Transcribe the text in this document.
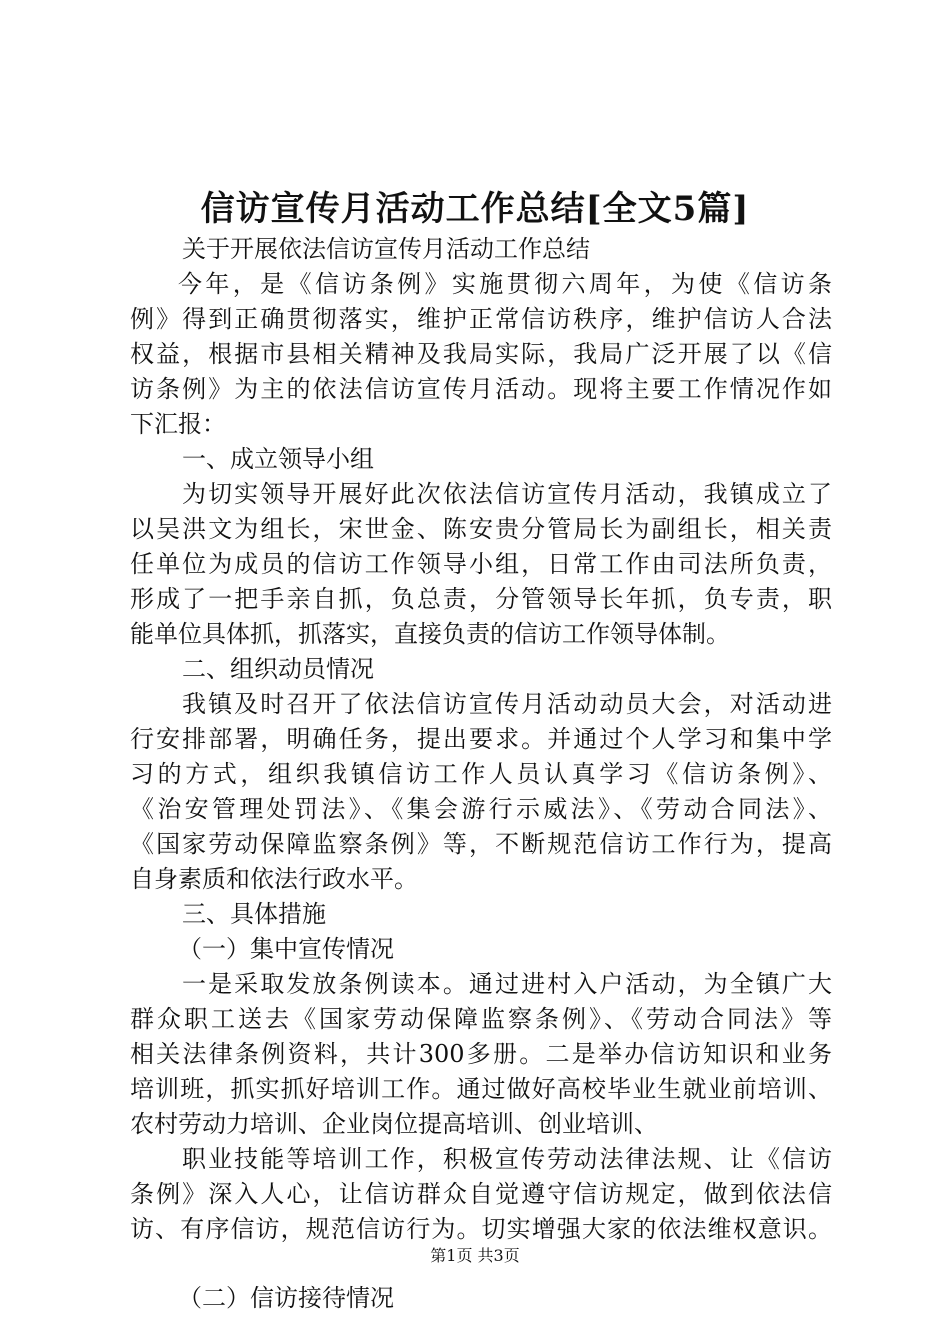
信访宣传月活动工作总结[全文5篇]

关于开展依法信访宣传月活动工作总结

今年，是《信访条例》实施贯彻六周年，为使《信访条

例》得到正确贯彻落实，维护正常信访秩序，维护信访人合法

权益，根据市县相关精神及我局实际，我局广泛开展了以《信

访条例》为主的依法信访宣传月活动。现将主要工作情况作如

下汇报：

一、成立领导小组

为切实领导开展好此次依法信访宣传月活动，我镇成立了

以吴洪文为组长，宋世金、陈安贵分管局长为副组长，相关责

任单位为成员的信访工作领导小组，日常工作由司法所负责，

形成了一把手亲自抓，负总责，分管领导长年抓，负专责，职

能单位具体抓，抓落实，直接负责的信访工作领导体制。

二、组织动员情况

我镇及时召开了依法信访宣传月活动动员大会，对活动进

行安排部署，明确任务，提出要求。并通过个人学习和集中学

习的方式，组织我镇信访工作人员认真学习《信访条例》、

《治安管理处罚法》、《集会游行示威法》、《劳动合同法》、

《国家劳动保障监察条例》等，不断规范信访工作行为，提高

自身素质和依法行政水平。

三、具体措施

（一）集中宣传情况

一是采取发放条例读本。通过进村入户活动，为全镇广大

群众职工送去《国家劳动保障监察条例》、《劳动合同法》等

相关法律条例资料，共计300多册。二是举办信访知识和业务

培训班，抓实抓好培训工作。通过做好高校毕业生就业前培训、

农村劳动力培训、企业岗位提高培训、创业培训、

职业技能等培训工作，积极宣传劳动法律法规、让《信访

条例》深入人心，让信访群众自觉遵守信访规定，做到依法信

访、有序信访，规范信访行为。切实增强大家的依法维权意识。

（二）信访接待情况

第1页 共3页
